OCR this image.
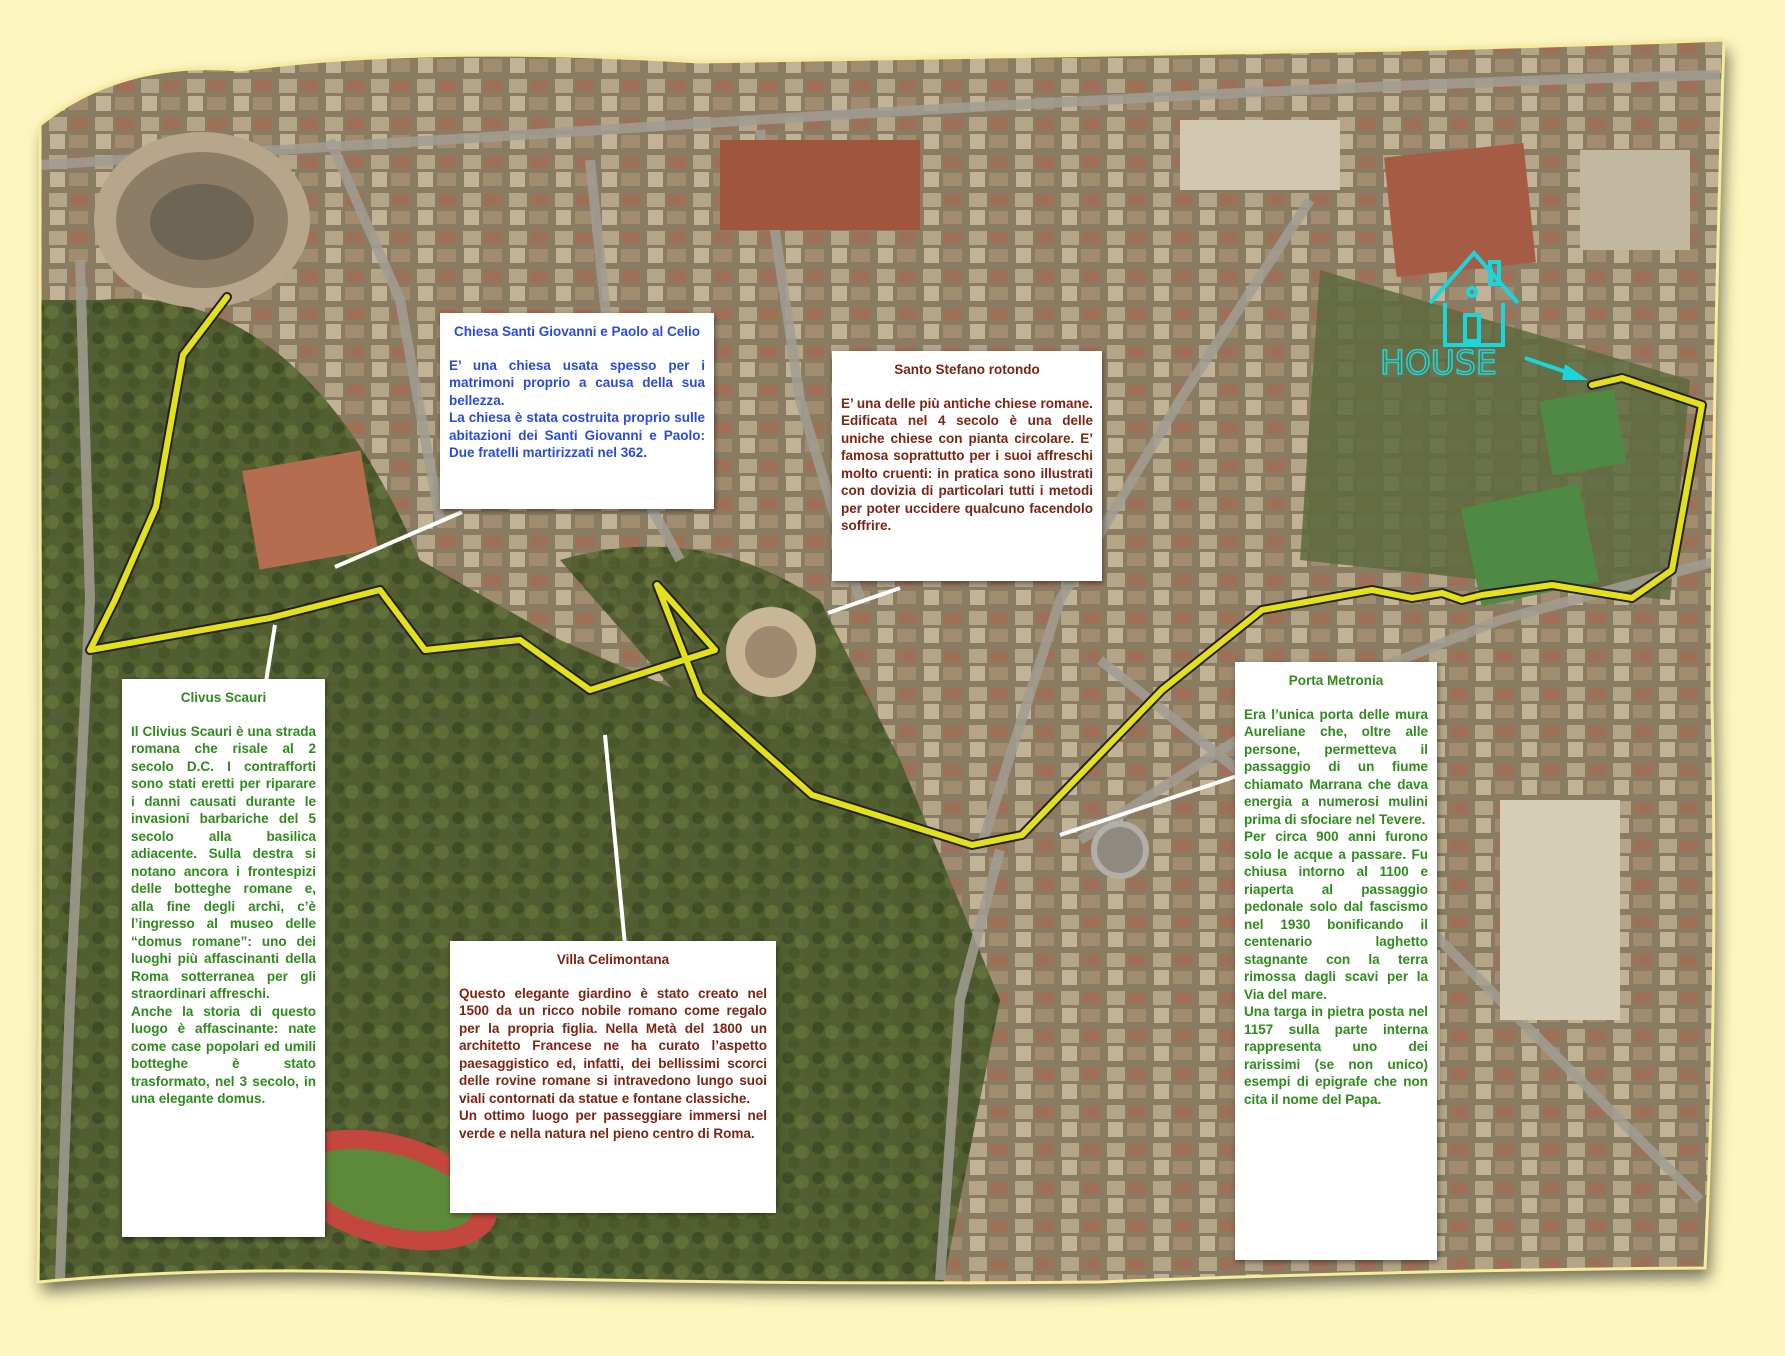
HOUSE
Chiesa Santi Giovanni e Paolo al Celio

E’ una chiesa usata spesso per i matrimoni proprio a causa della sua bellezza.

La chiesa è stata costruita proprio sulle abitazioni dei Santi Giovanni e Paolo: Due fratelli martirizzati nel 362.

Santo Stefano rotondo

E’ una delle più antiche chiese romane. Edificata nel 4 secolo è una delle uniche chiese con pianta circolare. E’ famosa soprattutto per i suoi affreschi molto cruenti: in pratica sono illustrati con dovizia di particolari tutti i metodi per poter uccidere qualcuno facendolo soffrire.

Clivus Scauri

Il Clivius Scauri è una strada romana che risale al 2 secolo D.C. I contrafforti sono stati eretti per riparare i danni causati durante le invasioni barbariche del 5 secolo alla basilica adiacente. Sulla destra si notano ancora i frontespizi delle botteghe romane e, alla fine degli archi, c’è l’ingresso al museo delle “domus romane”: uno dei luoghi più affascinanti della Roma sotterranea per gli straordinari affreschi.

Anche la storia di questo luogo è affascinante: nate come case popolari ed umili botteghe è stato trasformato, nel 3 secolo, in una elegante domus.

Villa Celimontana

Questo elegante giardino è stato creato nel 1500 da un ricco nobile romano come regalo per la propria figlia. Nella Metà del 1800 un architetto Francese ne ha curato l’aspetto paesaggistico ed, infatti, dei bellissimi scorci delle rovine romane si intravedono lungo suoi viali contornati da statue e fontane classiche.

Un ottimo luogo per passeggiare immersi nel verde e nella natura nel pieno centro di Roma.

Porta Metronia

Era l’unica porta delle mura Aureliane che, oltre alle persone, permetteva il passaggio di un fiume chiamato Marrana che dava energia a numerosi mulini prima di sfociare nel Tevere.

Per circa 900 anni furono solo le acque a passare. Fu chiusa intorno al 1100 e riaperta al passaggio pedonale solo dal fascismo nel 1930 bonificando il centenario laghetto stagnante con la terra rimossa dagli scavi per la Via del mare.

Una targa in pietra posta nel 1157 sulla parte interna rappresenta uno dei rarissimi (se non unico) esempi di epigrafe che non cita il nome del Papa.
